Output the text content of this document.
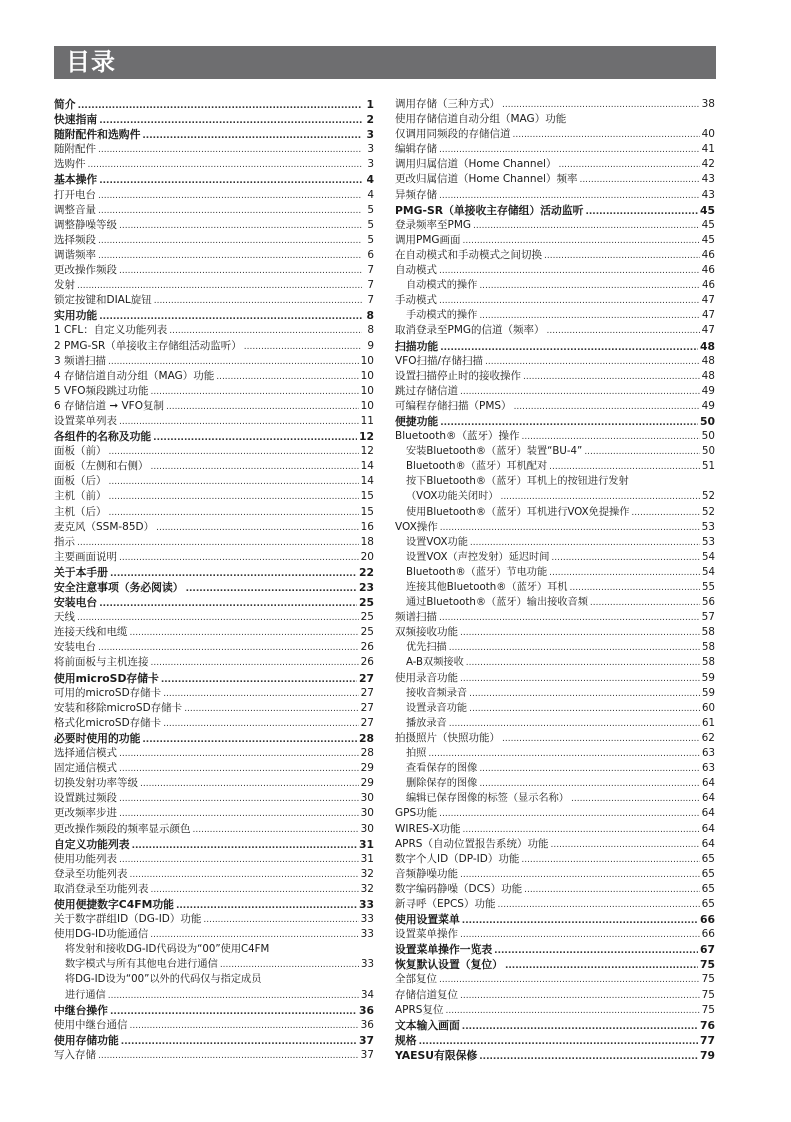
目录
简介 .....	1
快速指南 .....	2
随附配件和选购件 .....	3
随附配件 .....	3
选购件 .....	3
基本操作 .....	4
打开电台 .....	4
调整音量 .....	5
调整静噪等级 .....	5
选择频段 .....	5
调谐频率 .....	6
更改操作频段 .....	7
发射 .....	7
锁定按键和DIAL旋钮 .....	7
实用功能 .....	8
1 CFL：自定义功能列表 .....	8
2 PMG-SR（单接收主存储组活动监听） .....	9
3 频谱扫描 .....	10
4 存储信道自动分组（MAG）功能 .....	10
5 VFO频段跳过功能 .....	10
6 存储信道 ➞ VFO复制 .....	10
设置菜单列表 .....	11
各组件的名称及功能 .....	12
面板（前） .....	12
面板（左侧和右侧） .....	14
面板（后） .....	14
主机（前） .....	15
主机（后） .....	15
麦克风（SSM-85D） .....	16
指示 .....	18
主要画面说明 .....	20
关于本手册 .....	22
安全注意事项（务必阅读） .....	23
安装电台 .....	25
天线 .....	25
连接天线和电缆 .....	25
安装电台 .....	26
将前面板与主机连接 .....	26
使用microSD存储卡 .....	27
可用的microSD存储卡 .....	27
安装和移除microSD存储卡 .....	27
格式化microSD存储卡 .....	27
必要时使用的功能 .....	28
选择通信模式 .....	28
固定通信模式 .....	29
切换发射功率等级 .....	29
设置跳过频段 .....	30
更改频率步进 .....	30
更改操作频段的频率显示颜色 .....	30
自定义功能列表 .....	31
使用功能列表 .....	31
登录至功能列表 .....	32
取消登录至功能列表 .....	32
使用便捷数字C4FM功能 .....	33
关于数字群组ID（DG-ID）功能 .....	33
使用DG-ID功能通信 .....	33
将发射和接收DG-ID代码设为“00”使用C4FM
数字模式与所有其他电台进行通信 .....	33
将DG-ID设为“00”以外的代码仅与指定成员
进行通信 .....	34
中继台操作 .....	36
使用中继台通信 .....	36
使用存储功能 .....	37
写入存储 .....	37
调用存储（三种方式） .....	38
使用存储信道自动分组（MAG）功能
仅调用同频段的存储信道 .....	40
编辑存储 .....	41
调用归属信道（Home Channel） .....	42
更改归属信道（Home Channel）频率 .....	43
异频存储 .....	43
PMG-SR（单接收主存储组）活动监听 .....	45
登录频率至PMG .....	45
调用PMG画面 .....	45
在自动模式和手动模式之间切换 .....	46
自动模式 .....	46
自动模式的操作 .....	46
手动模式 .....	47
手动模式的操作 .....	47
取消登录至PMG的信道（频率） .....	47
扫描功能 .....	48
VFO扫描/存储扫描 .....	48
设置扫描停止时的接收操作 .....	48
跳过存储信道 .....	49
可编程存储扫描（PMS） .....	49
便捷功能 .....	50
Bluetooth®（蓝牙）操作 .....	50
安装Bluetooth®（蓝牙）装置“BU-4” .....	50
Bluetooth®（蓝牙）耳机配对 .....	51
按下Bluetooth®（蓝牙）耳机上的按钮进行发射
（VOX功能关闭时） .....	52
使用Bluetooth®（蓝牙）耳机进行VOX免提操作 .....	52
VOX操作 .....	53
设置VOX功能 .....	53
设置VOX（声控发射）延迟时间 .....	54
Bluetooth®（蓝牙）节电功能 .....	54
连接其他Bluetooth®（蓝牙）耳机 .....	55
通过Bluetooth®（蓝牙）输出接收音频 .....	56
频谱扫描 .....	57
双频接收功能 .....	58
优先扫描 .....	58
A-B双频接收 .....	58
使用录音功能 .....	59
接收音频录音 .....	59
设置录音功能 .....	60
播放录音 .....	61
拍摄照片（快照功能） .....	62
拍照 .....	63
查看保存的图像 .....	63
删除保存的图像 .....	64
编辑已保存图像的标签（显示名称） .....	64
GPS功能 .....	64
WIRES-X功能 .....	64
APRS（自动位置报告系统）功能 .....	64
数字个人ID（DP-ID）功能 .....	65
音频静噪功能 .....	65
数字编码静噪（DCS）功能 .....	65
新寻呼（EPCS）功能 .....	65
使用设置菜单 .....	66
设置菜单操作 .....	66
设置菜单操作一览表 .....	67
恢复默认设置（复位） .....	75
全部复位 .....	75
存储信道复位 .....	75
APRS复位 .....	75
文本输入画面 .....	76
规格 .....	77
YAESU有限保修 .....	79
